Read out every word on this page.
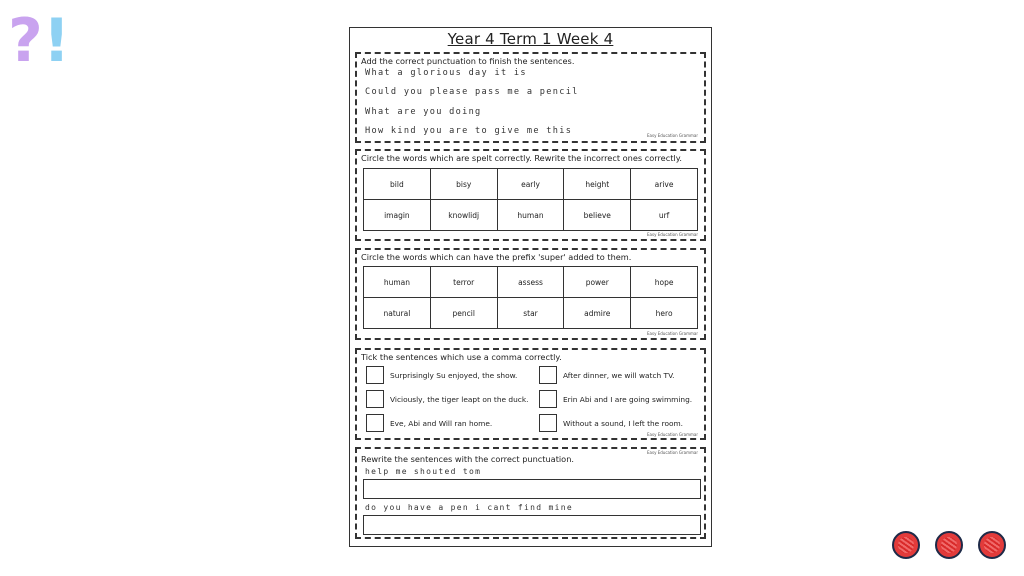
?!	Year 4 Term 1 Week 4
Add the correct punctuation to finish the sentences.
What a glorious day it is
Could you please pass me a pencil
What are you doing
How kind you are to give me this	Easy Education Grammar
Circle the words which are spelt correctly. Rewrite the incorrect ones correctly.
bild	bisy	early	height	arive
imagin	knowlidj	human	believe	urf
Easy Education Grammar
Circle the words which can have the prefix 'super' added to them.
human	terror	assess	power	hope
natural	pencil	star	admire	hero
Easy Education Grammar
Tick the sentences which use a comma correctly.
Surprisingly Su enjoyed, the show.
Viciously, the tiger leapt on the duck.
Eve, Abi and Will ran home.
After dinner, we will watch TV.
Erin Abi and I are going swimming.
Without a sound, I left the room.
Easy Education Grammar
Easy Education Grammar
Rewrite the sentences with the correct punctuation.
help me shouted tom
do you have a pen i cant find mine
